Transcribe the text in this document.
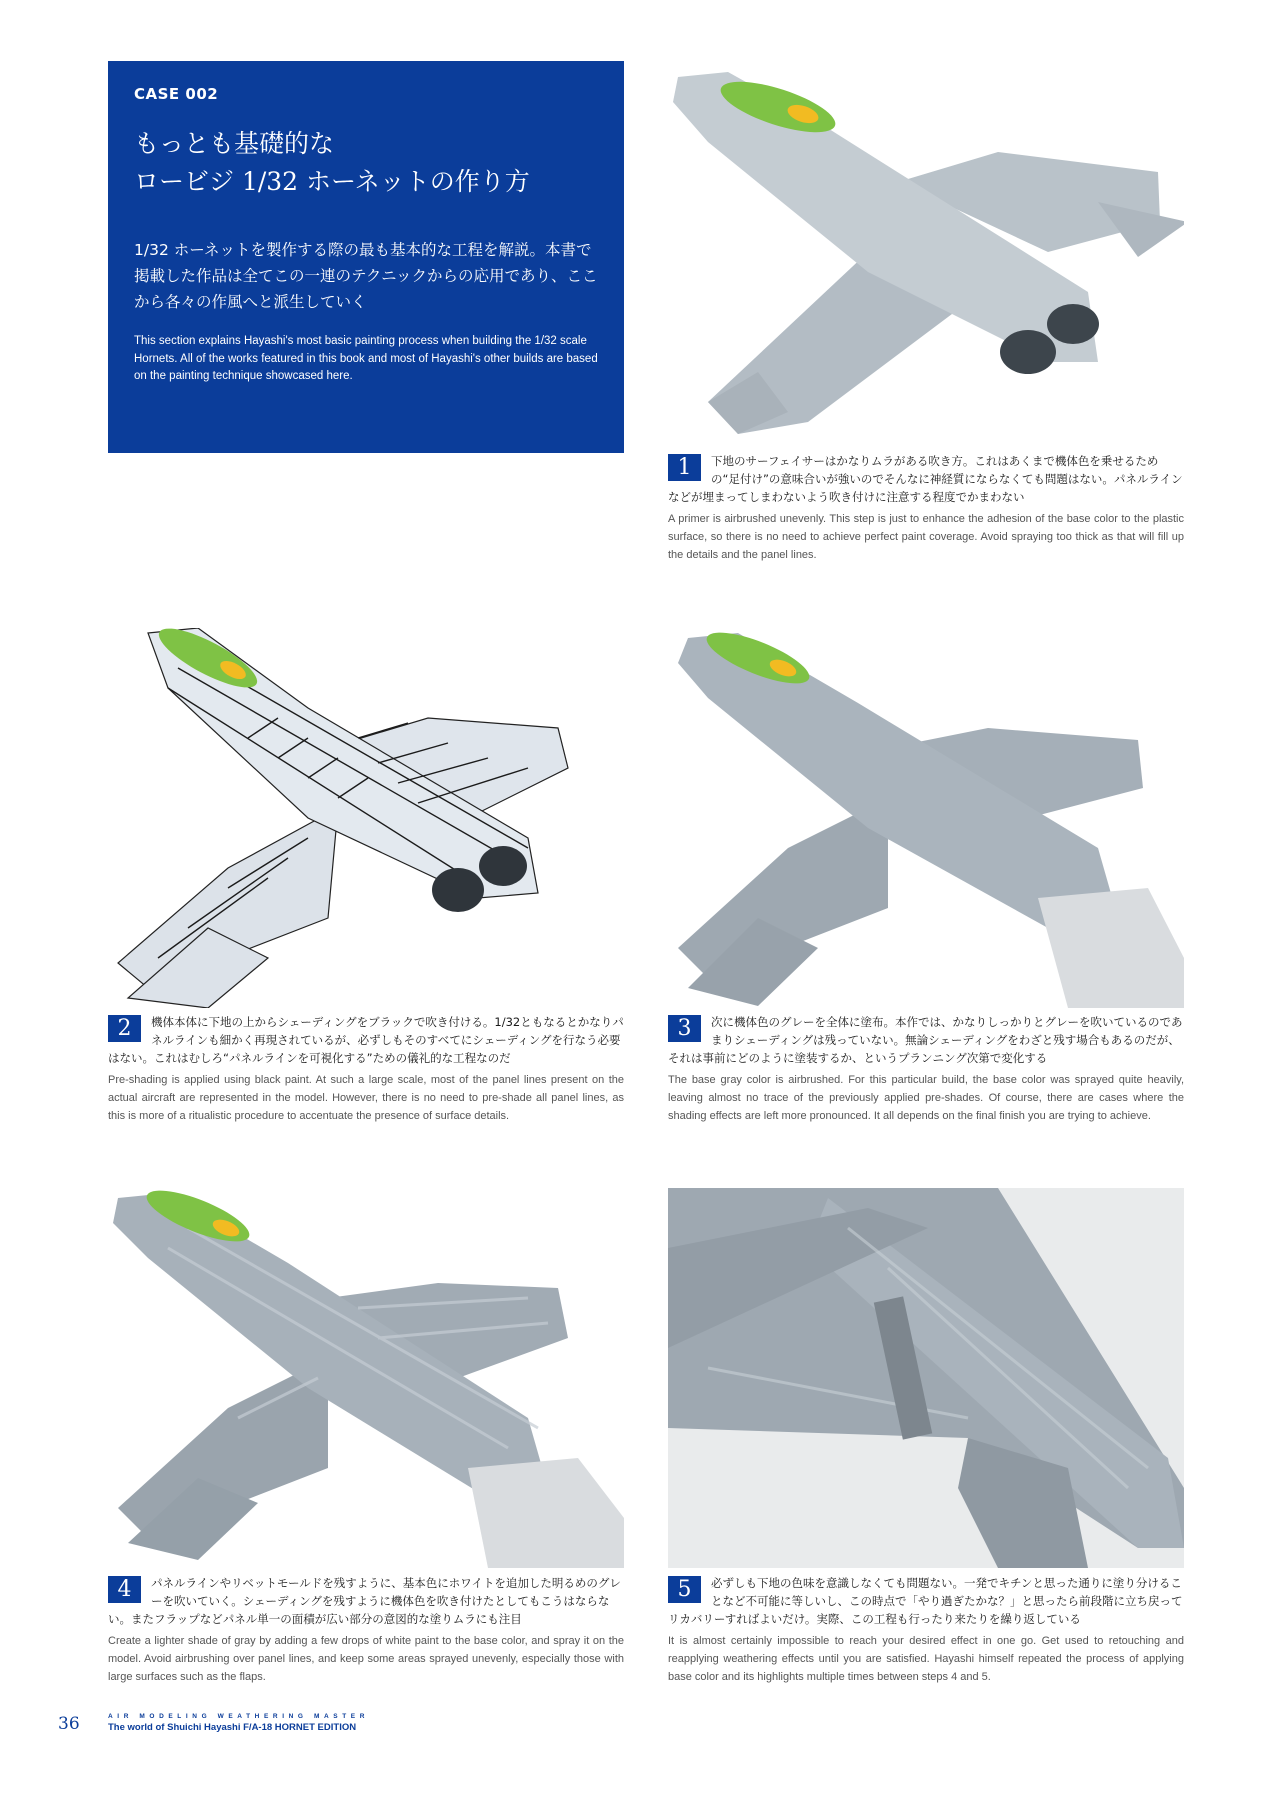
CASE 002
もっとも基礎的な
ロービジ 1/32 ホーネットの作り方
1/32 ホーネットを製作する際の最も基本的な工程を解説。本書で掲載した作品は全てこの一連のテクニックからの応用であり、ここから各々の作風へと派生していく
This section explains Hayashi's most basic painting process when building the 1/32 scale Hornets. All of the works featured in this book and most of Hayashi's other builds are based on the painting technique showcased here.
1	下地のサーフェイサーはかなりムラがある吹き方。これはあくまで機体色を乗せるための“足付け”の意味合いが強いのでそんなに神経質にならなくても問題はない。パネルラインなどが埋まってしまわないよう吹き付けに注意する程度でかまわない
A primer is airbrushed unevenly. This step is just to enhance the adhesion of the base color to the plastic surface, so there is no need to achieve perfect paint coverage. Avoid spraying too thick as that will fill up the details and the panel lines.
2	機体本体に下地の上からシェーディングをブラックで吹き付ける。1/32ともなるとかなりパネルラインも細かく再現されているが、必ずしもそのすべてにシェーディングを行なう必要はない。これはむしろ“パネルラインを可視化する”ための儀礼的な工程なのだ
Pre-shading is applied using black paint. At such a large scale, most of the panel lines present on the actual aircraft are represented in the model. However, there is no need to pre-shade all panel lines, as this is more of a ritualistic procedure to accentuate the presence of surface details.
3	次に機体色のグレーを全体に塗布。本作では、かなりしっかりとグレーを吹いているのであまりシェーディングは残っていない。無論シェーディングをわざと残す場合もあるのだが、それは事前にどのように塗装するか、というプランニング次第で変化する
The base gray color is airbrushed. For this particular build, the base color was sprayed quite heavily, leaving almost no trace of the previously applied pre-shades. Of course, there are cases where the shading effects are left more pronounced. It all depends on the final finish you are trying to achieve.
4	パネルラインやリベットモールドを残すように、基本色にホワイトを追加した明るめのグレーを吹いていく。シェーディングを残すように機体色を吹き付けたとしてもこうはならない。またフラップなどパネル単一の面積が広い部分の意図的な塗りムラにも注目
Create a lighter shade of gray by adding a few drops of white paint to the base color, and spray it on the model. Avoid airbrushing over panel lines, and keep some areas sprayed unevenly, especially those with large surfaces such as the flaps.
5	必ずしも下地の色味を意識しなくても問題ない。一発でキチンと思った通りに塗り分けることなど不可能に等しいし、この時点で「やり過ぎたかな？」と思ったら前段階に立ち戻ってリカバリーすればよいだけ。実際、この工程も行ったり来たりを繰り返している
It is almost certainly impossible to reach your desired effect in one go. Get used to retouching and reapplying weathering effects until you are satisfied. Hayashi himself repeated the process of applying base color and its highlights multiple times between steps 4 and 5.
36	AIR MODELING WEATHERING MASTER
The world of Shuichi Hayashi F/A-18 HORNET EDITION
